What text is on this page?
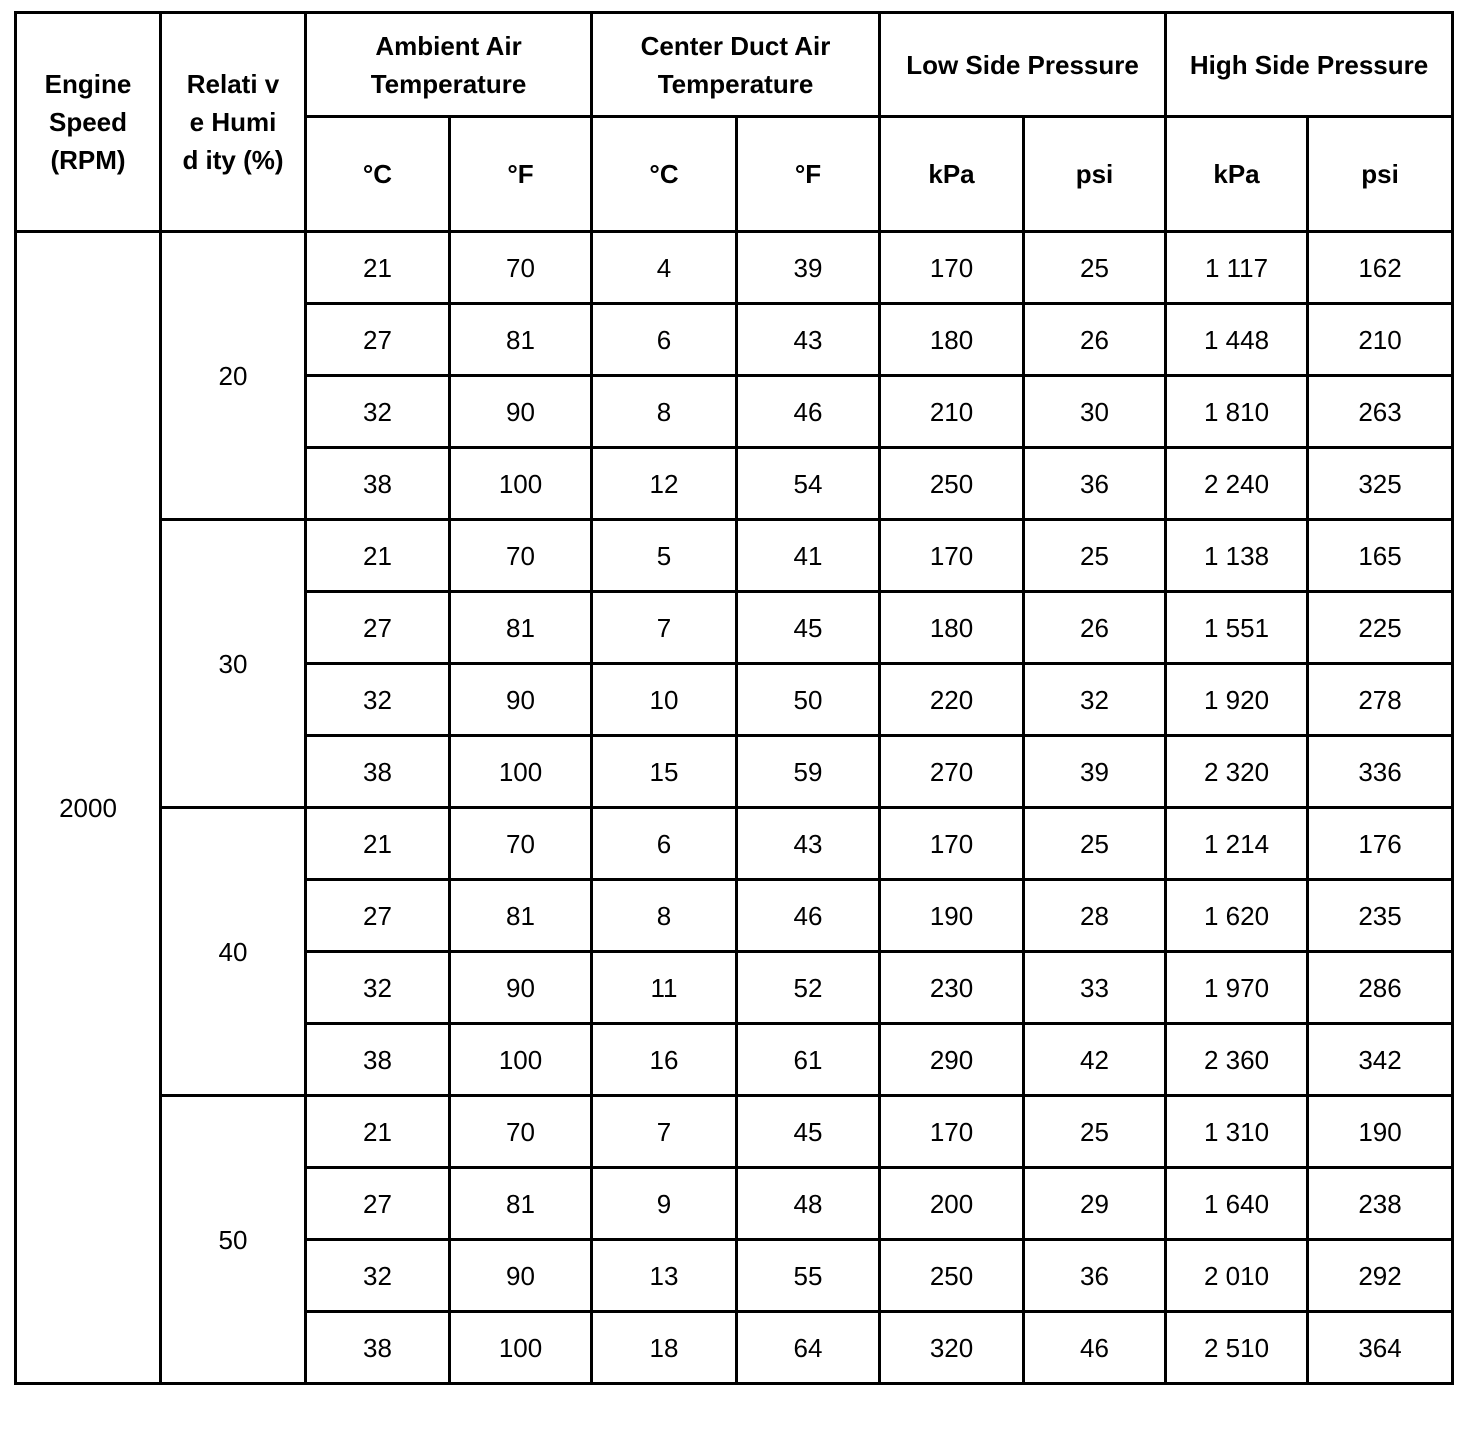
Engine Speed (RPM)	Relati ve Humid ity (%)	Ambient Air Temperature		Center Duct Air Temperature		Low Side Pressure		High Side Pressure	
		°C	°F	°C	°F	kPa	psi	kPa	psi
2000	20	21	70	4	39	170	25	1 117	162
		27	81	6	43	180	26	1 448	210
		32	90	8	46	210	30	1 810	263
		38	100	12	54	250	36	2 240	325
	30	21	70	5	41	170	25	1 138	165
		27	81	7	45	180	26	1 551	225
		32	90	10	50	220	32	1 920	278
		38	100	15	59	270	39	2 320	336
	40	21	70	6	43	170	25	1 214	176
		27	81	8	46	190	28	1 620	235
		32	90	11	52	230	33	1 970	286
		38	100	16	61	290	42	2 360	342
	50	21	70	7	45	170	25	1 310	190
		27	81	9	48	200	29	1 640	238
		32	90	13	55	250	36	2 010	292
		38	100	18	64	320	46	2 510	364
